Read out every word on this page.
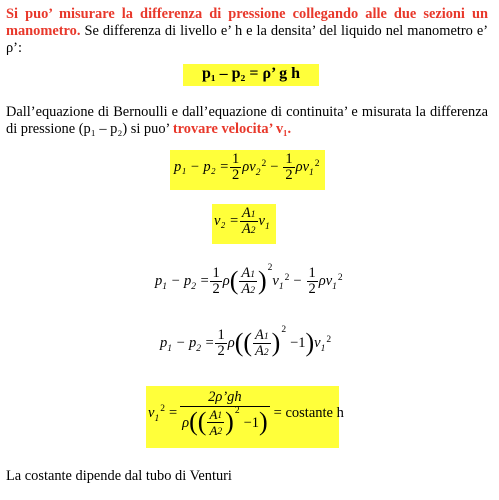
Si puo’ misurare la differenza di pressione collegando alle due sezioni un manometro. Se differenza di livello e’ h e la densita’ del liquido nel manometro e’ ρ’:
p₁ – p₂ = ρ’ g h
Dall’equazione di Bernoulli e dall’equazione di continuita’ e misurata la differenza di pressione (p₁ – p₂) si puo’ trovare velocita’ v₁.
$p_1 - p_2 = \frac{1}{2} \rho v_2$
$^2 - \frac{1}{2} \rho v_1$
$^2$
$v_2 = \frac{A_1}{A_2} v_1$
$p_1 - p_2 = \frac{1}{2}$ ρ ( $\frac{A_1}{A_2} )^2$
$v_1$
$^2 - \frac{1}{2} \rho v_1$
$^2$
$p_1 - p_2 = \frac{1}{2}$ ρ ( ( $\frac{A_1}{A_2} )^2$
−1 ) $v_1$
$^2$
$v_1$
$^2$ = 2ρ’gh
ρ ( ( $\frac{A_1}{A_2} )^2$
−1 ) = costante h
La costante dipende dal tubo di Venturi
